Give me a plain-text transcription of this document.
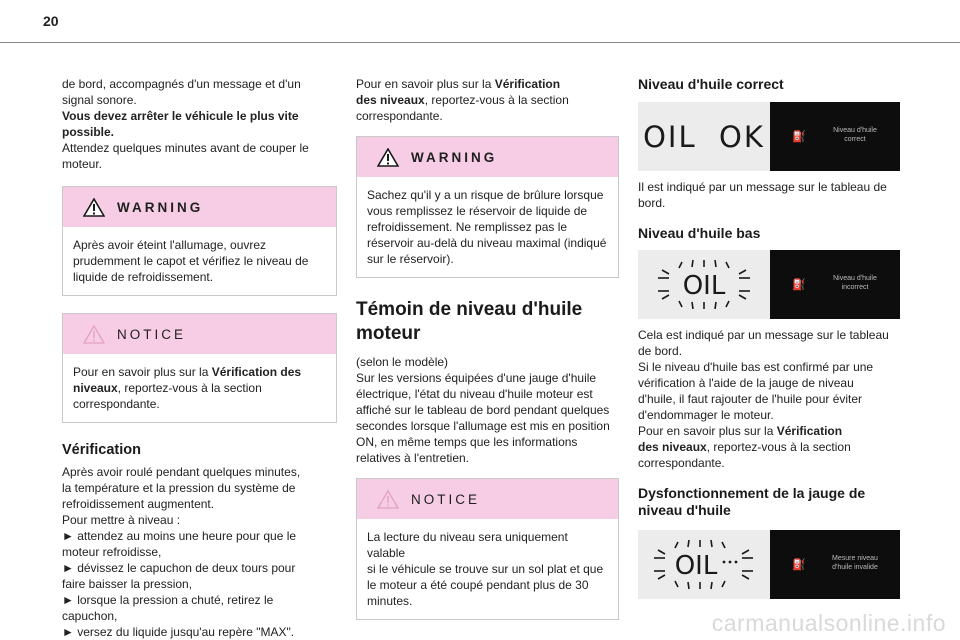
20

de bord, accompagnés d'un message et d'un
signal sonore.
Vous devez arrêter le véhicule le plus vite
possible.
Attendez quelques minutes avant de couper le
moteur.

WARNING
Après avoir éteint l'allumage, ouvrez
prudemment le capot et vérifiez le niveau de
liquide de refroidissement.
NOTICE
Pour en savoir plus sur la Vérification des
niveaux, reportez-vous à la section
correspondante.
Vérification

Après avoir roulé pendant quelques minutes,
la température et la pression du système de
refroidissement augmentent.
Pour mettre à niveau :
► attendez au moins une heure pour que le
moteur refroidisse,
► dévissez le capuchon de deux tours pour
faire baisser la pression,
► lorsque la pression a chuté, retirez le
capuchon,
► versez du liquide jusqu'au repère "MAX".

Pour en savoir plus sur la Vérification
des niveaux, reportez-vous à la section
correspondante.

WARNING
Sachez qu'il y a un risque de brûlure lorsque
vous remplissez le réservoir de liquide de
refroidissement. Ne remplissez pas le
réservoir au-delà du niveau maximal (indiqué
sur le réservoir).
Témoin de niveau d'huile
moteur

(selon le modèle)
Sur les versions équipées d'une jauge d'huile
électrique, l'état du niveau d'huile moteur est
affiché sur le tableau de bord pendant quelques
secondes lorsque l'allumage est mis en position
ON, en même temps que les informations
relatives à l'entretien.

NOTICE
La lecture du niveau sera uniquement valable
si le véhicule se trouve sur un sol plat et que
le moteur a été coupé pendant plus de 30
minutes.
Niveau d'huile correct
OIL  OK ⛽
Niveau d'huile
correct

Il est indiqué par un message sur le tableau de
bord.

Niveau d'huile bas
OIL	⛽
Niveau d'huile
incorrect

Cela est indiqué par un message sur le tableau
de bord.
Si le niveau d'huile bas est confirmé par une
vérification à l'aide de la jauge de niveau
d'huile, il faut rajouter de l'huile pour éviter
d'endommager le moteur.

Pour en savoir plus sur la Vérification
des niveaux, reportez-vous à la section
correspondante.

Dysfonctionnement de la jauge de
niveau d'huile
OIL	⛽
Mesure niveau
d'huile invalide
carmanualsonline.info
